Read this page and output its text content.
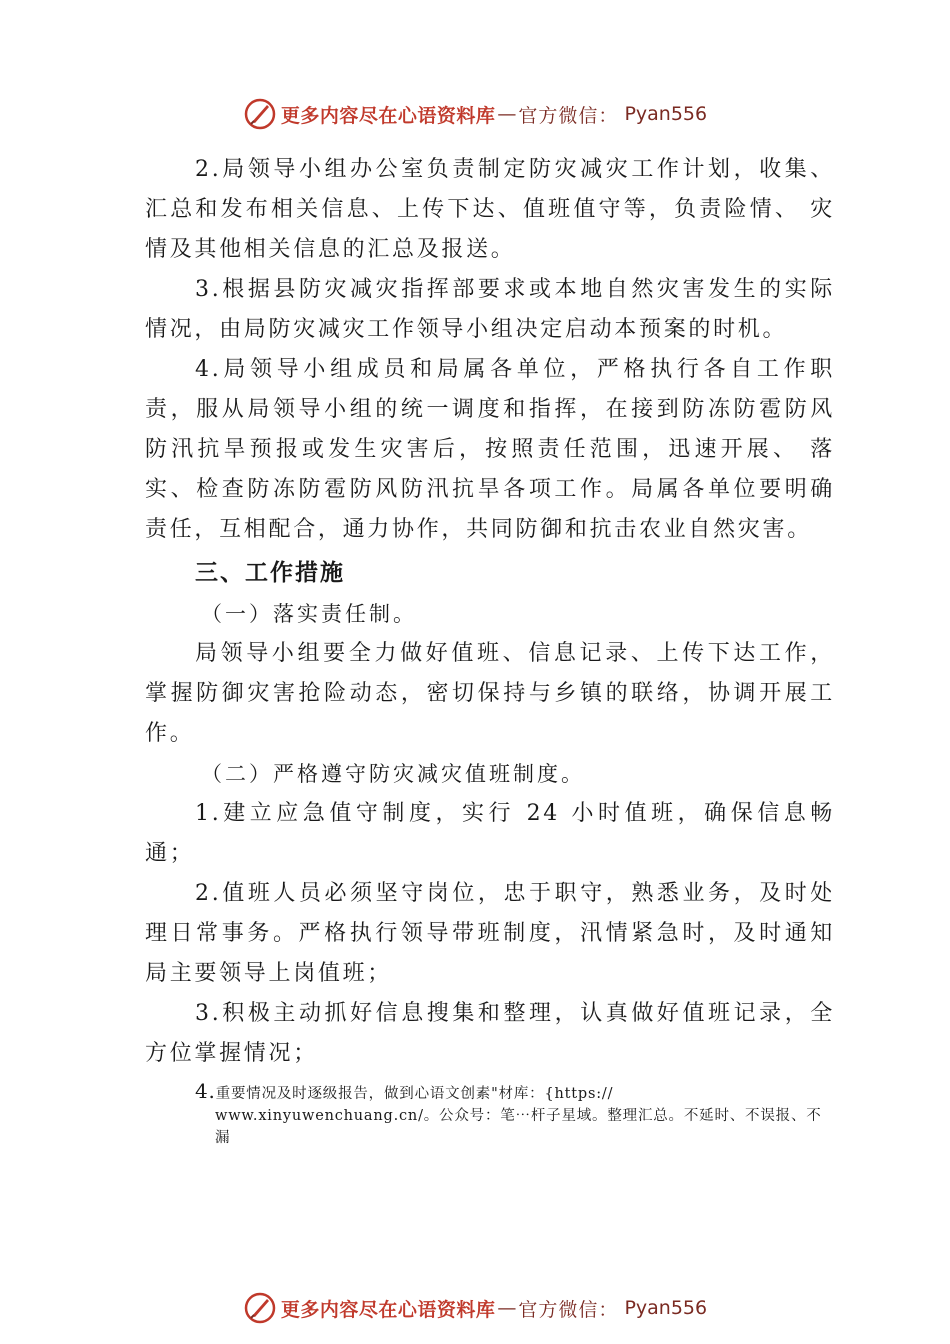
更多内容尽在心语资料库 — 官方微信： Pyan556

2.局领导小组办公室负责制定防灾减灾工作计划，收集、汇总和发布相关信息、上传下达、值班值守等，负责险情、 灾情及其他相关信息的汇总及报送。

3.根据县防灾减灾指挥部要求或本地自然灾害发生的实际情况，由局防灾减灾工作领导小组决定启动本预案的时机。

4.局领导小组成员和局属各单位，严格执行各自工作职责，服从局领导小组的统一调度和指挥，在接到防冻防雹防风防汛抗旱预报或发生灾害后，按照责任范围，迅速开展、 落实、检查防冻防雹防风防汛抗旱各项工作。局属各单位要明确责任，互相配合，通力协作，共同防御和抗击农业自然灾害。

三、工作措施

（一）落实责任制。

局领导小组要全力做好值班、信息记录、上传下达工作，掌握防御灾害抢险动态，密切保持与乡镇的联络，协调开展工作。

（二）严格遵守防灾减灾值班制度。

1.建立应急值守制度，实行 24 小时值班，确保信息畅通；

2.值班人员必须坚守岗位，忠于职守，熟悉业务，及时处理日常事务。严格执行领导带班制度，汛情紧急时，及时通知局主要领导上岗值班；

3.积极主动抓好信息搜集和整理，认真做好值班记录，全方位掌握情况；

4.重要情况及时逐级报告，做到心语文创素"材库：{https://
www.xinyuwenchuang.cn/。公众号：笔⋯杆子星域。整理汇总。不延时、不误报、不漏
更多内容尽在心语资料库 — 官方微信： Pyan556
